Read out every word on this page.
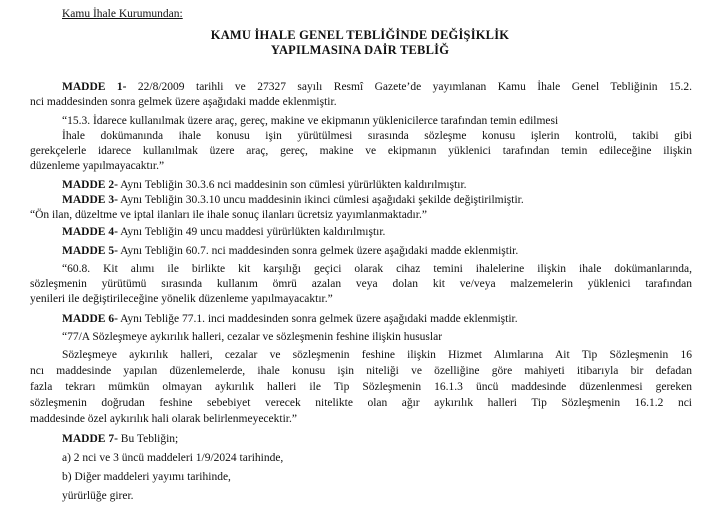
Kamu İhale Kurumundan:
KAMU İHALE GENEL TEBLİĞİNDE DEĞİŞİKLİK
YAPILMASINA DAİR TEBLİĞ
MADDE 1- 22/8/2009 tarihli ve 27327 sayılı Resmî Gazete’de yayımlanan Kamu İhale Genel Tebliğinin 15.2.
nci maddesinden sonra gelmek üzere aşağıdaki madde eklenmiştir.
“15.3. İdarece kullanılmak üzere araç, gereç, makine ve ekipmanın yüklenicilerce tarafından temin edilmesi
İhale dokümanında ihale konusu işin yürütülmesi sırasında sözleşme konusu işlerin kontrolü, takibi gibi
gerekçelerle idarece kullanılmak üzere araç, gereç, makine ve ekipmanın yüklenici tarafından temin edileceğine ilişkin
düzenleme yapılmayacaktır.”
MADDE 2- Aynı Tebliğin 30.3.6 nci maddesinin son cümlesi yürürlükten kaldırılmıştır.
MADDE 3- Aynı Tebliğin 30.3.10 uncu maddesinin ikinci cümlesi aşağıdaki şekilde değiştirilmiştir.
“Ön ilan, düzeltme ve iptal ilanları ile ihale sonuç ilanları ücretsiz yayımlanmaktadır.”
MADDE 4- Aynı Tebliğin 49 uncu maddesi yürürlükten kaldırılmıştır.
MADDE 5- Aynı Tebliğin 60.7. nci maddesinden sonra gelmek üzere aşağıdaki madde eklenmiştir.
“60.8. Kit alımı ile birlikte kit karşılığı geçici olarak cihaz temini ihalelerine ilişkin ihale dokümanlarında,
sözleşmenin yürütümü sırasında kullanım ömrü azalan veya dolan kit ve/veya malzemelerin yüklenici tarafından
yenileri ile değiştirileceğine yönelik düzenleme yapılmayacaktır.”
MADDE 6- Aynı Tebliğe 77.1. inci maddesinden sonra gelmek üzere aşağıdaki madde eklenmiştir.
“77/A Sözleşmeye aykırılık halleri, cezalar ve sözleşmenin feshine ilişkin hususlar
Sözleşmeye aykırılık halleri, cezalar ve sözleşmenin feshine ilişkin Hizmet Alımlarına Ait Tip Sözleşmenin 16
ncı maddesinde yapılan düzenlemelerde, ihale konusu işin niteliği ve özelliğine göre mahiyeti itibarıyla bir defadan
fazla tekrarı mümkün olmayan aykırılık halleri ile Tip Sözleşmenin 16.1.3 üncü maddesinde düzenlenmesi gereken
sözleşmenin doğrudan feshine sebebiyet verecek nitelikte olan ağır aykırılık halleri Tip Sözleşmenin 16.1.2 nci
maddesinde özel aykırılık hali olarak belirlenmeyecektir.”
MADDE 7- Bu Tebliğin;
a) 2 nci ve 3 üncü maddeleri 1/9/2024 tarihinde,
b) Diğer maddeleri yayımı tarihinde,
yürürlüğe girer.
